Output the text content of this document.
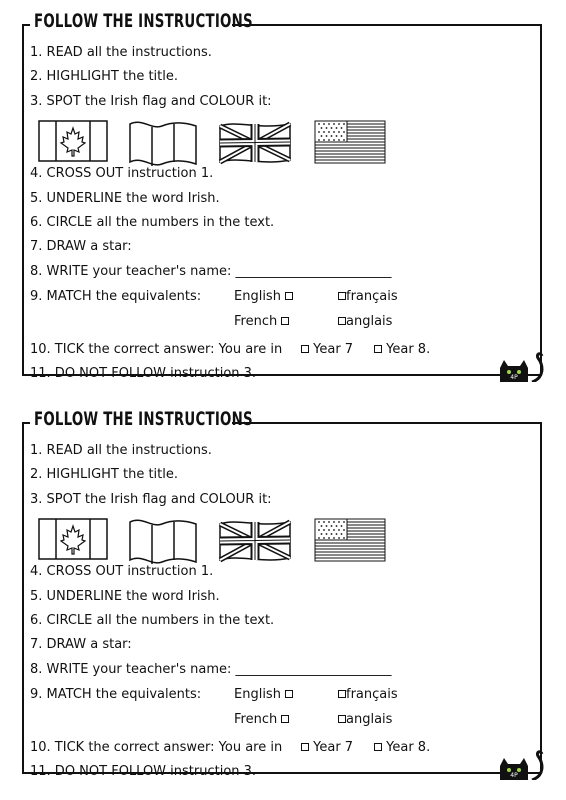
FOLLOW THE INSTRUCTIONS
1. READ all the instructions.
2. HIGHLIGHT the title.
3. SPOT the Irish flag and COLOUR it:
4. CROSS OUT instruction 1.
5. UNDERLINE the word Irish.
6. CIRCLE all the numbers in the text.
7. DRAW a star:
8. WRITE your teacher's name: ________________________
9. MATCH the equivalents:	English	français
French	anglais
10. TICK the correct answer: You are in	Year 7	Year 8.
11. DO NOT FOLLOW instruction 3.	4P
FOLLOW THE INSTRUCTIONS
1. READ all the instructions.
2. HIGHLIGHT the title.
3. SPOT the Irish flag and COLOUR it:
4. CROSS OUT instruction 1.
5. UNDERLINE the word Irish.
6. CIRCLE all the numbers in the text.
7. DRAW a star:
8. WRITE your teacher's name: ________________________
9. MATCH the equivalents:	English	français
French	anglais
10. TICK the correct answer: You are in	Year 7	Year 8.
11. DO NOT FOLLOW instruction 3.	4P
